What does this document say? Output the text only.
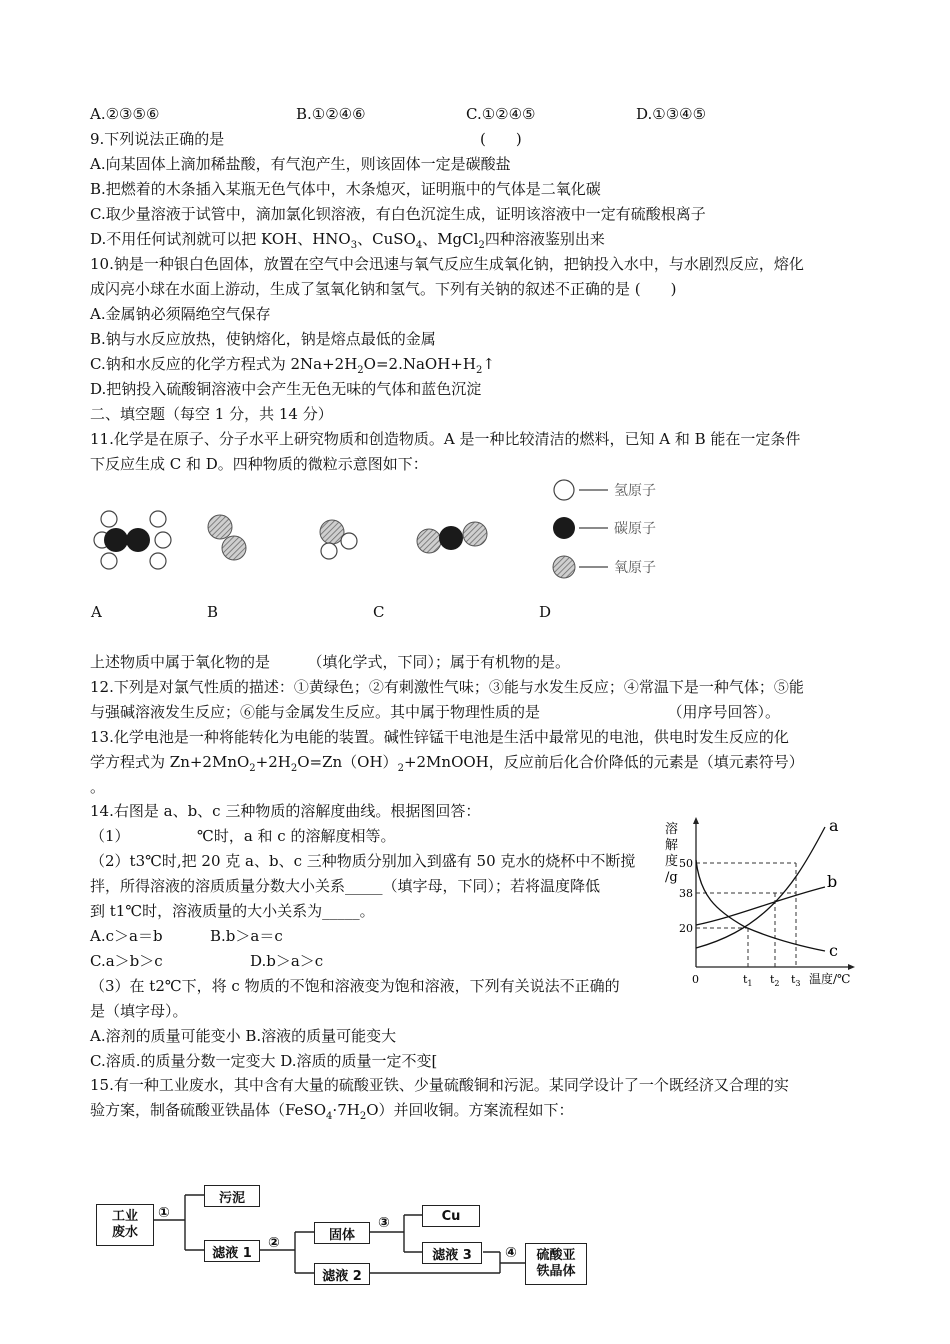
A.②③⑤⑥	B.①②④⑥	C.①②④⑤	D.①③④⑤
9.下列说法正确的是	(　　)
A.向某固体上滴加稀盐酸，有气泡产生，则该固体一定是碳酸盐
B.把燃着的木条插入某瓶无色气体中，木条熄灭，证明瓶中的气体是二氧化碳
C.取少量溶液于试管中，滴加氯化钡溶液，有白色沉淀生成，证明该溶液中一定有硫酸根离子
D.不用任何试剂就可以把 KOH、$HNO_3$、CuSO$_4$、MgCl$_2$四种溶液鉴别出来
10.钠是一种银白色固体，放置在空气中会迅速与氧气反应生成氧化钠，把钠投入水中，与水剧烈反应，熔化
成闪亮小球在水面上游动，生成了氢氧化钠和氢气。下列有关钠的叙述不正确的是 (　　)
A.金属钠必须隔绝空气保存
B.钠与水反应放热，使钠熔化，钠是熔点最低的金属
C.钠和水反应的化学方程式为 $2Na+2H_2O=2.NaOH+H_2↑$
D.把钠投入硫酸铜溶液中会产生无色无味的气体和蓝色沉淀
二、填空题（每空 1 分，共 14 分）
11.化学是在原子、分子水平上研究物质和创造物质。A 是一种比较清洁的燃料，已知 A 和 B 能在一定条件
下反应生成 C 和 D。四种物质的微粒示意图如下：
氢原子
碳原子
氧原子
A	B	C	D
上述物质中属于氧化物的是　　　（填化学式，下同）；属于有机物的是。
12.下列是对氯气性质的描述：①黄绿色；②有刺激性气味；③能与水发生反应；④常温下是一种气体；⑤能
与强碱溶液发生反应；⑥能与金属发生反应。其中属于物理性质的是　　　　　　　　　（用序号回答）。
13.化学电池是一种将能转化为电能的装置。碱性锌锰干电池是生活中最常见的电池，供电时发生反应的化
学方程式为 $Zn+2MnO_2+2H_2O=Zn(OH)_2+2MnOOH$，反应前后化合价降低的元素是（填元素符号）
。
14.右图是 a、b、c 三种物质的溶解度曲线。根据图回答：
（1）　　　　　℃时，a 和 c 的溶解度相等。
（2）t3℃时,把 20 克 a、b、c 三种物质分别加入到盛有 50 克水的烧杯中不断搅
拌，所得溶液的溶质质量分数大小关系_____（填字母，下同）；若将温度降低
到 t1℃时，溶液质量的大小关系为_____。
A.c＞a＝b	B.b＞a＝c
C.a＞b＞c	D.b＞a＞c
（3）在 t2℃下，将 c 物质的不饱和溶液变为饱和溶液，下列有关说法不正确的
是（填字母）。
A.溶剂的质量可能变小 B.溶液的质量可能变大
C.溶质.的质量分数一定变大 D.溶质的质量一定不变[
溶
解
度
/g
50
38
20
a
b
c
0	$t_1$ $t_2$ $t_3$ 温度/℃
15.有一种工业废水，其中含有大量的硫酸亚铁、少量硫酸铜和污泥。某同学设计了一个既经济又合理的实
验方案，制备硫酸亚铁晶体$(FeSO_4\cdot 7H_2O)$并回收铜。方案流程如下：
工业
废水
污泥
滤液 1
固体
滤液 2
Cu
滤液 3	硫酸亚
铁晶体
①
②
③
④
